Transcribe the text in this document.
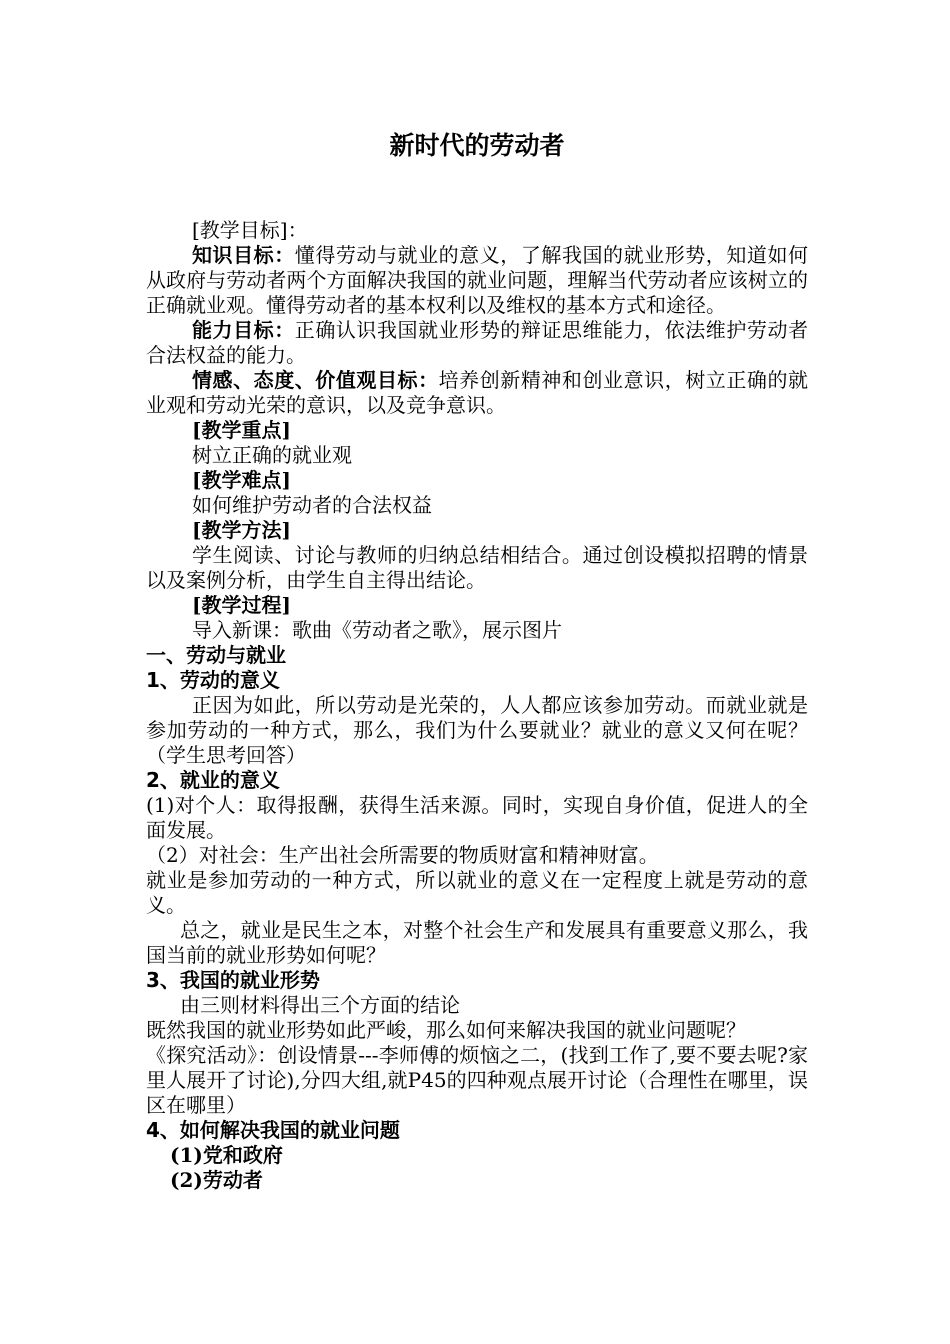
新时代的劳动者

[教学目标]：

知识目标：懂得劳动与就业的意义，了解我国的就业形势，知道如何从政府与劳动者两个方面解决我国的就业问题，理解当代劳动者应该树立的正确就业观。懂得劳动者的基本权利以及维权的基本方式和途径。

能力目标：正确认识我国就业形势的辩证思维能力，依法维护劳动者合法权益的能力。

情感、态度、价值观目标：培养创新精神和创业意识，树立正确的就业观和劳动光荣的意识，以及竞争意识。

[教学重点]

树立正确的就业观

[教学难点]

如何维护劳动者的合法权益

[教学方法]

学生阅读、讨论与教师的归纳总结相结合。通过创设模拟招聘的情景以及案例分析，由学生自主得出结论。

[教学过程]

导入新课：歌曲《劳动者之歌》，展示图片

一、劳动与就业

1、劳动的意义

正因为如此，所以劳动是光荣的，人人都应该参加劳动。而就业就是参加劳动的一种方式，那么，我们为什么要就业？就业的意义又何在呢？（学生思考回答）

2、就业的意义

(1)对个人：取得报酬，获得生活来源。同时，实现自身价值，促进人的全面发展。

（2）对社会：生产出社会所需要的物质财富和精神财富。

就业是参加劳动的一种方式，所以就业的意义在一定程度上就是劳动的意义。

总之，就业是民生之本，对整个社会生产和发展具有重要意义那么，我国当前的就业形势如何呢？

3、我国的就业形势

由三则材料得出三个方面的结论

既然我国的就业形势如此严峻，那么如何来解决我国的就业问题呢？

《探究活动》：创设情景---李师傅的烦恼之二，(找到工作了,要不要去呢?家里人展开了讨论),分四大组,就P45的四种观点展开讨论（合理性在哪里，误区在哪里）

4、如何解决我国的就业问题

(1)党和政府

(2)劳动者
